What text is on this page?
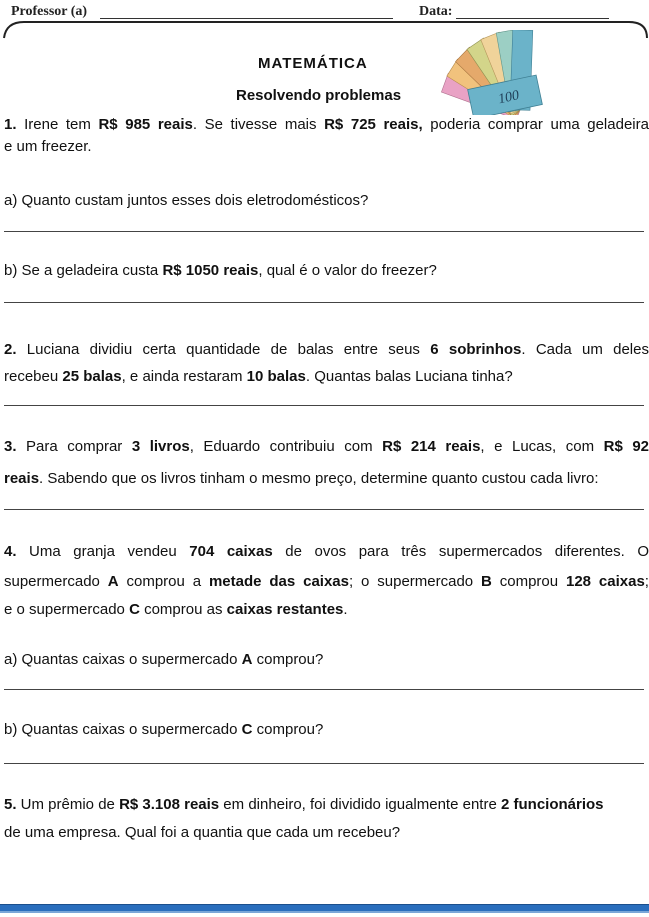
Professor (a)	Data:
MATEMÁTICA
Resolvendo problemas	100

1. Irene tem R$ 985 reais. Se tivesse mais R$ 725 reais, poderia comprar uma geladeira

e um freezer.

a) Quanto custam juntos esses dois eletrodomésticos?

b) Se a geladeira custa R$ 1050 reais, qual é o valor do freezer?

2. Luciana dividiu certa quantidade de balas entre seus 6 sobrinhos. Cada um deles

recebeu 25 balas, e ainda restaram 10 balas. Quantas balas Luciana tinha?

3. Para comprar 3 livros, Eduardo contribuiu com R$ 214 reais, e Lucas, com R$ 92

reais. Sabendo que os livros tinham o mesmo preço, determine quanto custou cada livro:

4. Uma granja vendeu 704 caixas de ovos para três supermercados diferentes. O

supermercado A comprou a metade das caixas; o supermercado B comprou 128 caixas;

e o supermercado C comprou as caixas restantes.

a) Quantas caixas o supermercado A comprou?

b) Quantas caixas o supermercado C comprou?

5. Um prêmio de R$ 3.108 reais em dinheiro, foi dividido igualmente entre 2 funcionários

de uma empresa. Qual foi a quantia que cada um recebeu?
